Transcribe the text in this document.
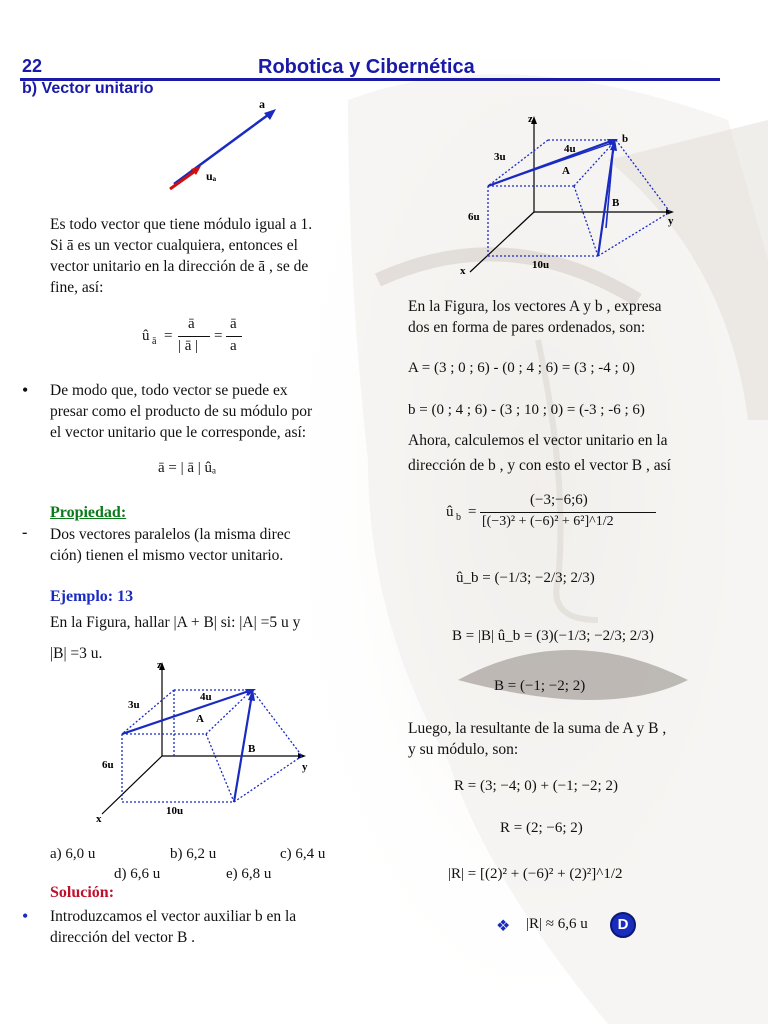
22	Robotica y Cibernética
b) Vector unitario
a
uₐ
Es todo vector que tiene módulo igual a 1.
Si ā es un vector cualquiera, entonces el
vector unitario en la dirección de ā , se de
fine, así:
û ā =
ā
| ā |
=
ā
a
• De modo que, todo vector se puede ex
presar como el producto de su módulo por
el vector unitario que le corresponde, así:
ā = | ā | ûₐ
Propiedad:
- Dos vectores paralelos (la misma direc
ción) tienen el mismo vector unitario.
Ejemplo: 13
En la Figura, hallar |A + B| si: |A| =5 u y
|B| =3 u.
z
y
x
3u
4u
6u
10u
A
B
a) 6,0 u	b) 6,2 u	c) 6,4 u
d) 6,6 u	e) 6,8 u
Solución:
• Introduzcamos el vector auxiliar b en la
dirección del vector B .
z
y
x
3u
4u
6u
10u
A
B
b
En la Figura, los vectores A y b , expresa
dos en forma de pares ordenados, son:
A = (3 ; 0 ; 6) - (0 ; 4 ; 6) = (3 ; -4 ; 0)
b = (0 ; 4 ; 6) - (3 ; 10 ; 0) = (-3 ; -6 ; 6)
Ahora, calculemos el vector unitario en la
dirección de b , y con esto el vector B , así
û b =
(−3;−6;6)
[(−3)² + (−6)² + 6²]^1/2
û_b = (−1/3; −2/3; 2/3)
B = |B| û_b = (3)(−1/3; −2/3; 2/3)
B = (−1; −2; 2)
Luego, la resultante de la suma de A y B ,
y su módulo, son:
R = (3; −4; 0) + (−1; −2; 2)
R = (2; −6; 2)
|R| = [(2)² + (−6)² + (2)²]^1/2
❖ |R| ≈ 6,6 u	D
